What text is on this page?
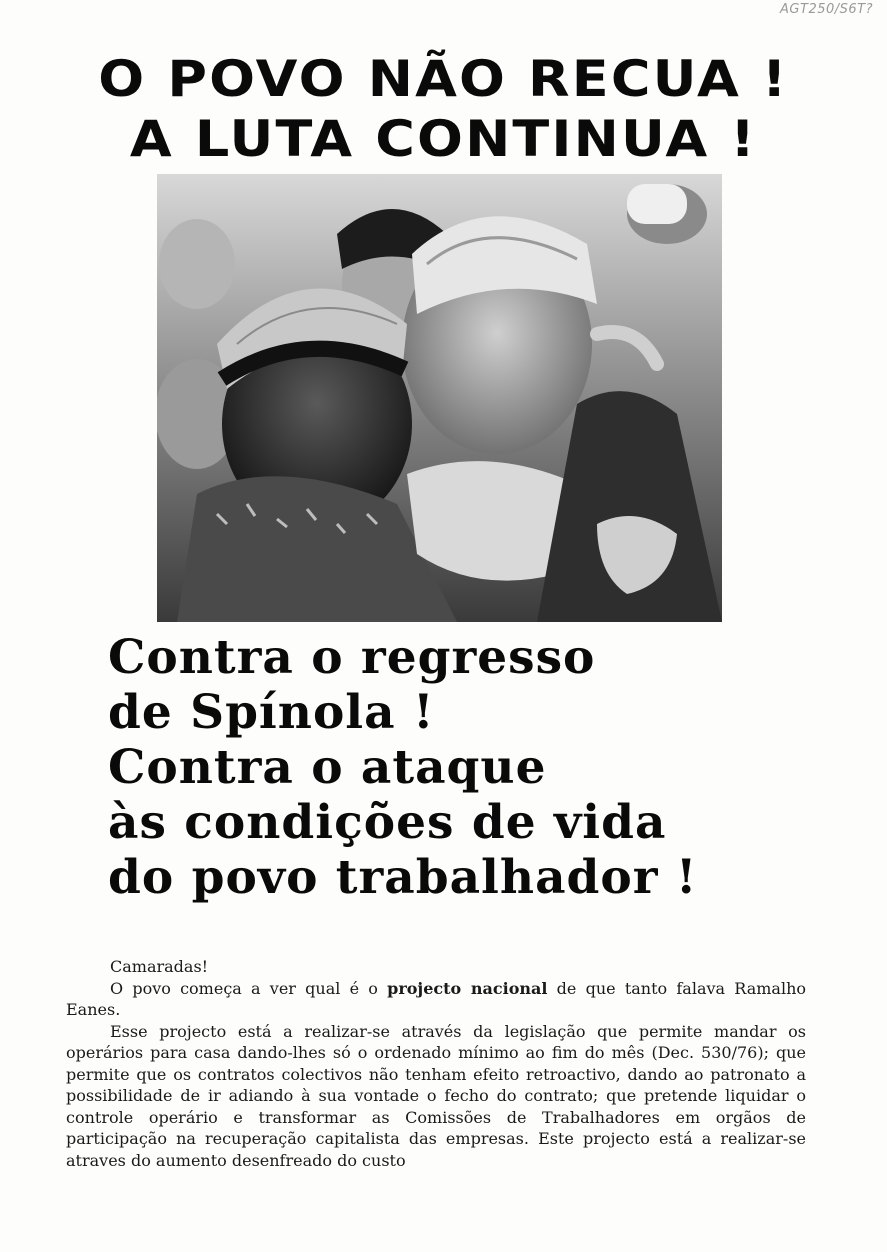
AGT250/S6T?
O POVO NÃO RECUA !
A LUTA CONTINUA !
Contra o regresso
de Spínola !
Contra o ataque
às condições de vida
do povo trabalhador !

Camaradas!

O povo começa a ver qual é o projecto nacional de que tanto falava Ramalho Eanes.

Esse projecto está a realizar-se através da legislação que permite mandar os operários para casa dando-lhes só o ordenado mínimo ao fim do mês (Dec. 530/76); que permite que os contratos colectivos não tenham efeito retroactivo, dando ao patronato a possibilidade de ir adiando à sua vontade o fecho do contrato; que pretende liquidar o controle operário e transformar as Comissões de Trabalhadores em orgãos de participação na recuperação capitalista das empresas. Este projecto está a realizar-se atraves do aumento desenfreado do custo
